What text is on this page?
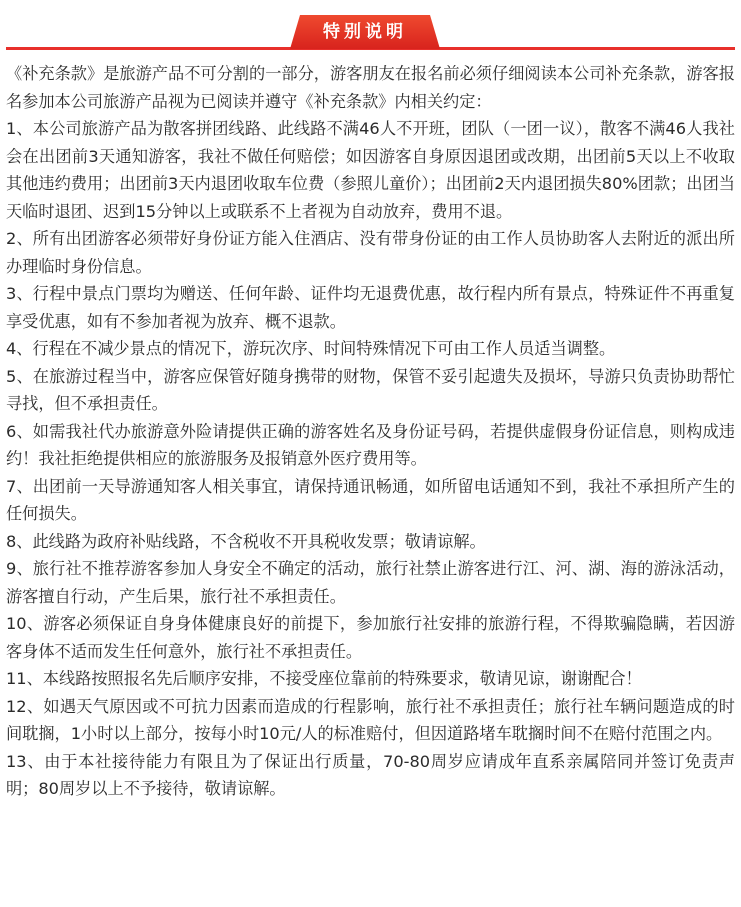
特别说明

《补充条款》是旅游产品不可分割的一部分，游客朋友在报名前必须仔细阅读本公司补充条款，游客报名参加本公司旅游产品视为已阅读并遵守《补充条款》内相关约定：

1、本公司旅游产品为散客拼团线路、此线路不满46人不开班，团队（一团一议），散客不满46人我社会在出团前3天通知游客，我社不做任何赔偿；如因游客自身原因退团或改期，出团前5天以上不收取其他违约费用；出团前3天内退团收取车位费（参照儿童价）；出团前2天内退团损失80%团款；出团当天临时退团、迟到15分钟以上或联系不上者视为自动放弃，费用不退。

2、所有出团游客必须带好身份证方能入住酒店、没有带身份证的由工作人员协助客人去附近的派出所办理临时身份信息。

3、行程中景点门票均为赠送、任何年龄、证件均无退费优惠，故行程内所有景点，特殊证件不再重复享受优惠，如有不参加者视为放弃、概不退款。

4、行程在不减少景点的情况下，游玩次序、时间特殊情况下可由工作人员适当调整。

5、在旅游过程当中，游客应保管好随身携带的财物，保管不妥引起遗失及损坏，导游只负责协助帮忙寻找，但不承担责任。

6、如需我社代办旅游意外险请提供正确的游客姓名及身份证号码，若提供虚假身份证信息，则构成违约！我社拒绝提供相应的旅游服务及报销意外医疗费用等。

7、出团前一天导游通知客人相关事宜，请保持通讯畅通，如所留电话通知不到，我社不承担所产生的任何损失。

8、此线路为政府补贴线路，不含税收不开具税收发票；敬请谅解。

9、旅行社不推荐游客参加人身安全不确定的活动，旅行社禁止游客进行江、河、湖、海的游泳活动，游客擅自行动，产生后果，旅行社不承担责任。

10、游客必须保证自身身体健康良好的前提下，参加旅行社安排的旅游行程，不得欺骗隐瞒，若因游客身体不适而发生任何意外，旅行社不承担责任。

11、本线路按照报名先后顺序安排，不接受座位靠前的特殊要求，敬请见谅，谢谢配合！

12、如遇天气原因或不可抗力因素而造成的行程影响，旅行社不承担责任；旅行社车辆问题造成的时间耽搁，1小时以上部分，按每小时10元/人的标准赔付，但因道路堵车耽搁时间不在赔付范围之内。

13、由于本社接待能力有限且为了保证出行质量，70-80周岁应请成年直系亲属陪同并签订免责声明；80周岁以上不予接待，敬请谅解。
